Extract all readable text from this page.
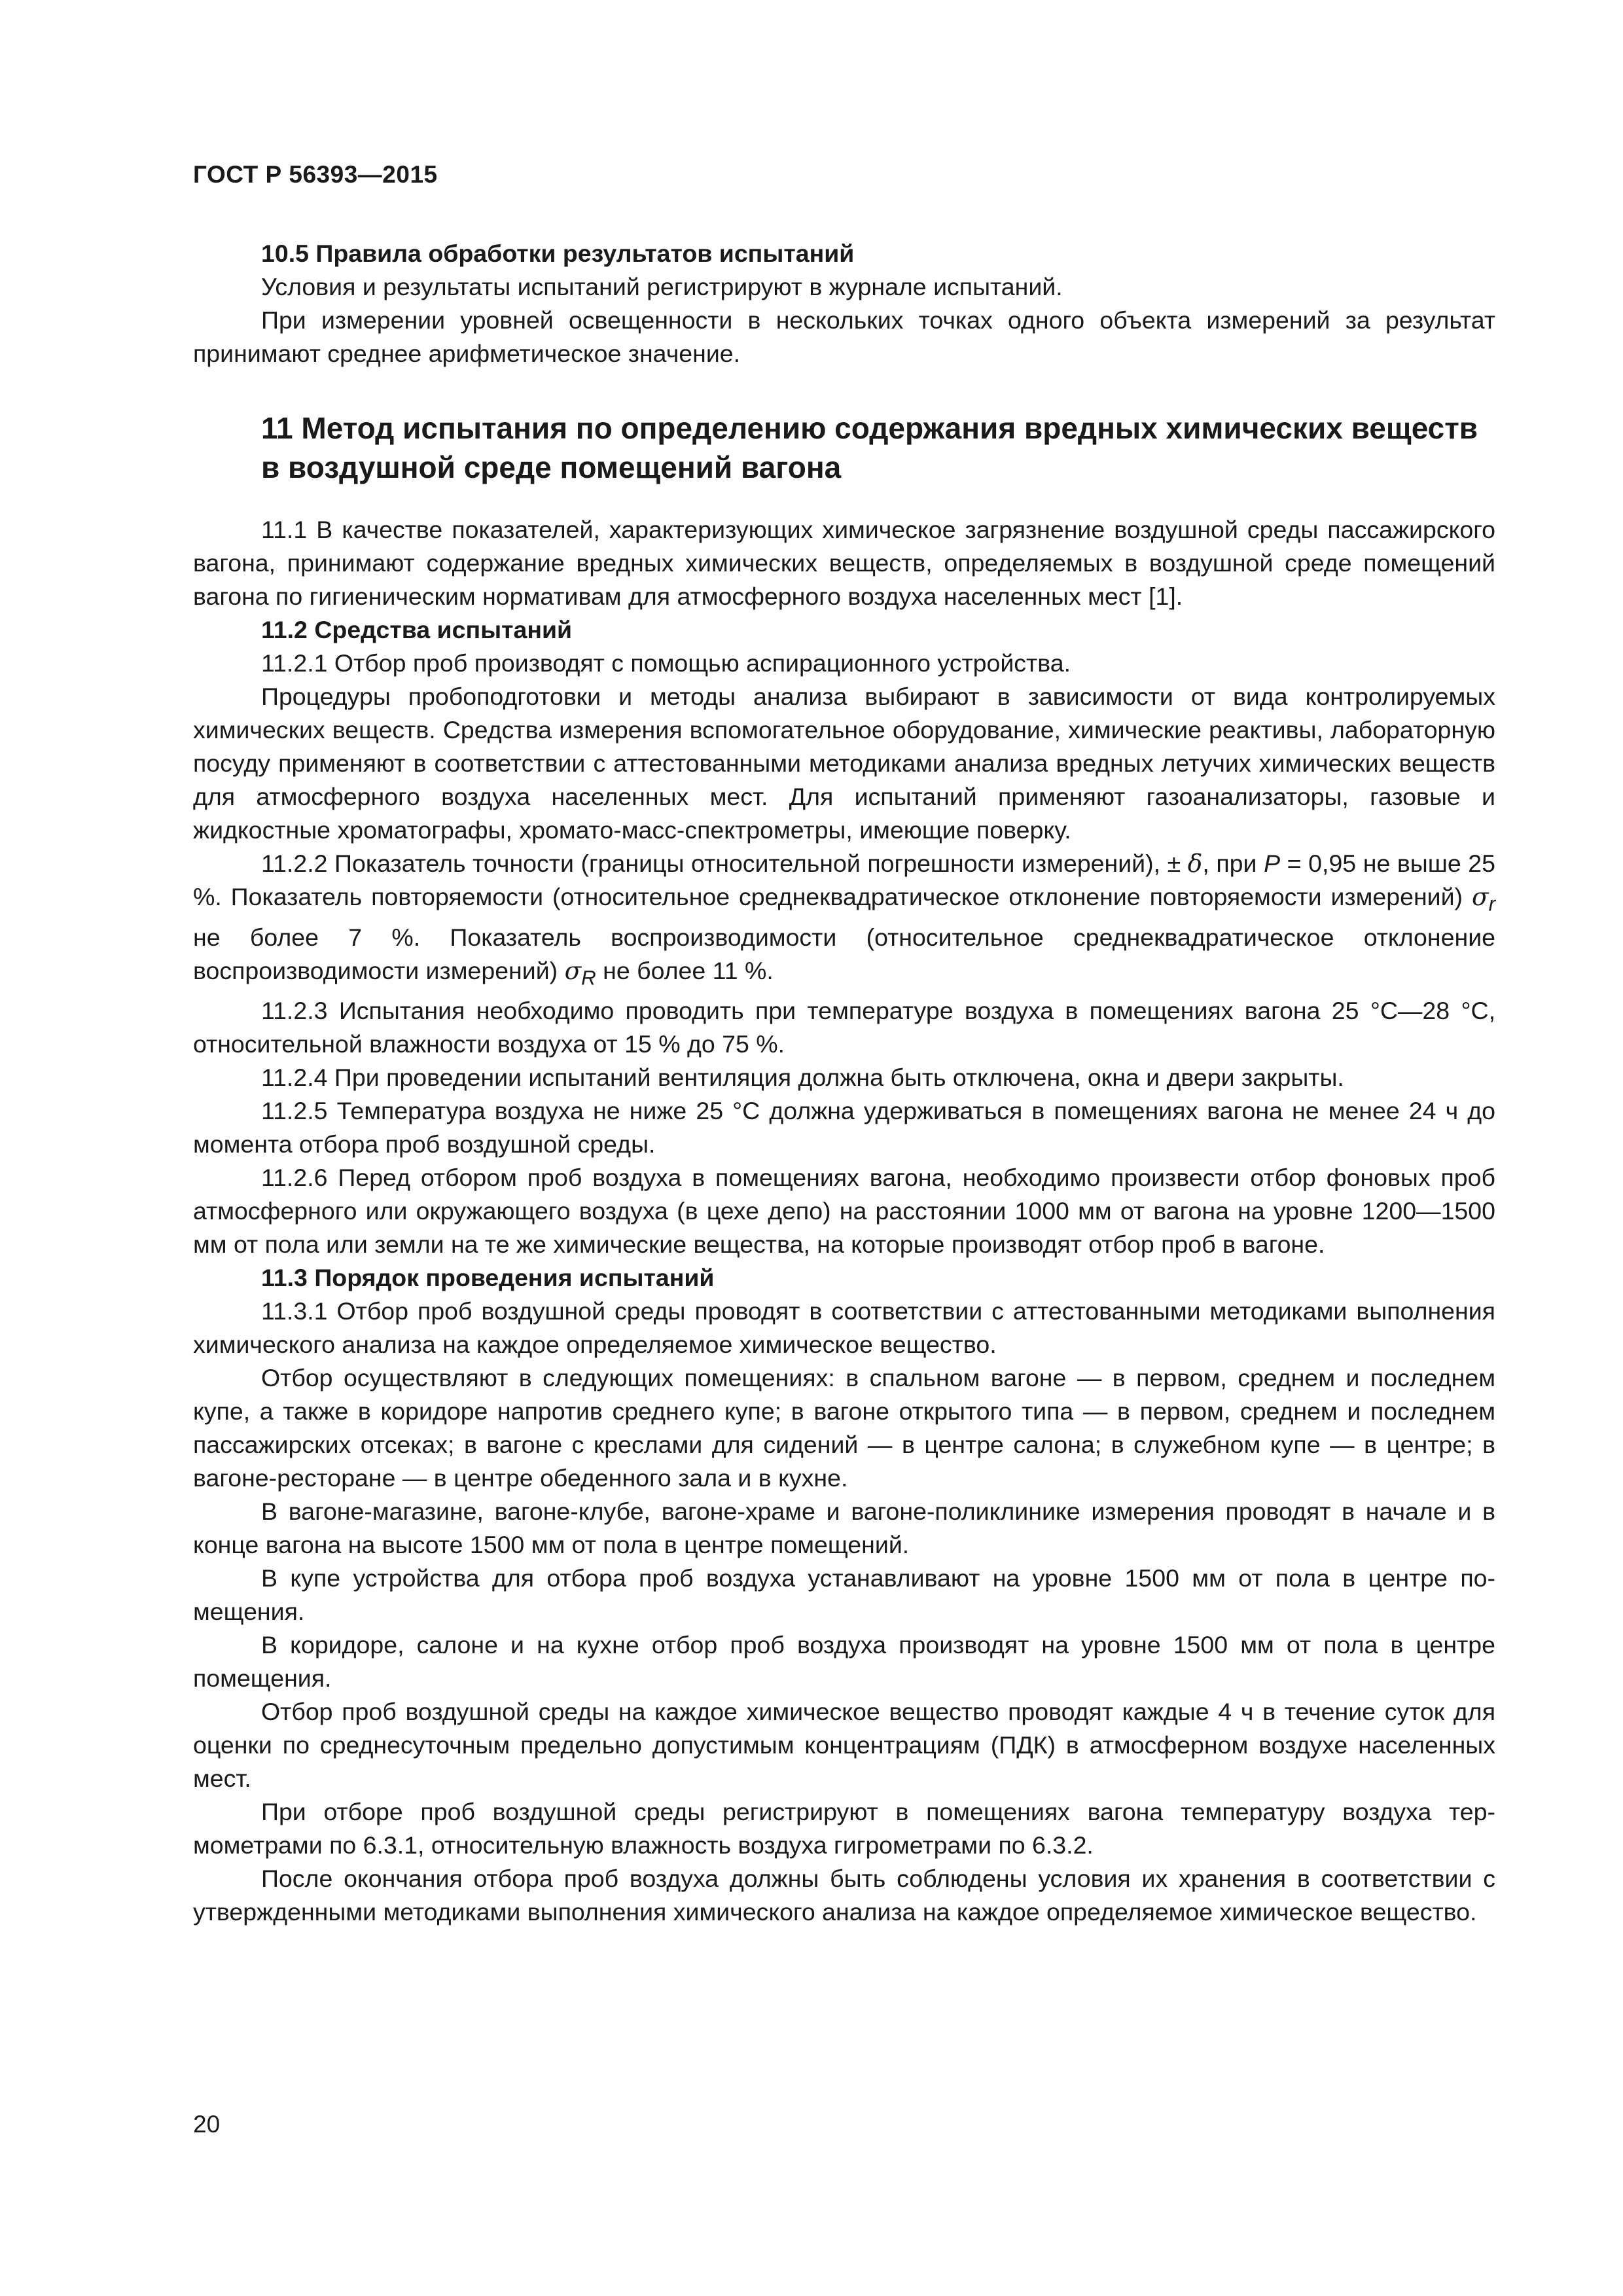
ГОСТ Р 56393—2015

10.5 Правила обработки результатов испытаний

Условия и результаты испытаний регистрируют в журнале испытаний.

При измерении уровней освещенности в нескольких точках одного объекта измерений за результат принимают среднее арифметическое значение.

11 Метод испытания по определению содержания вредных химических веществ в воздушной среде помещений вагона

11.1 В качестве показателей, характеризующих химическое загрязнение воздушной среды пассажирского вагона, принимают содержание вредных химических веществ, определяемых в воздушной среде помещений вагона по гигиеническим нормативам для атмосферного воздуха населенных мест [1].

11.2 Средства испытаний

11.2.1 Отбор проб производят с помощью аспирационного устройства.

Процедуры пробоподготовки и методы анализа выбирают в зависимости от вида контролируемых химических веществ. Средства измерения вспомогательное оборудование, химические реактивы, лабораторную посуду применяют в соответствии с аттестованными методиками анализа вредных летучих химических веществ для атмосферного воздуха населенных мест. Для испытаний применяют газоанализаторы, газовые и жидкостные хроматографы, хромато-масс-спектрометры, имеющие поверку.

11.2.2 Показатель точности (границы относительной погрешности измерений), ± δ, при P = 0,95 не выше 25 %. Показатель повторяемости (относительное среднеквадратическое отклонение повторяемости измерений) $\sigma_r$ не более 7 %. Показатель воспроизводимости (относительное среднеквадратическое отклонение воспроизводимости измерений) $\sigma_R$ не более 11 %.

11.2.3 Испытания необходимо проводить при температуре воздуха в помещениях вагона 25 °С—28 °С, относительной влажности воздуха от 15 % до 75 %.

11.2.4 При проведении испытаний вентиляция должна быть отключена, окна и двери закрыты.

11.2.5 Температура воздуха не ниже 25 °С должна удерживаться в помещениях вагона не менее 24 ч до момента отбора проб воздушной среды.

11.2.6 Перед отбором проб воздуха в помещениях вагона, необходимо произвести отбор фоновых проб атмосферного или окружающего воздуха (в цехе депо) на расстоянии 1000 мм от вагона на уровне 1200—1500 мм от пола или земли на те же химические вещества, на которые производят отбор проб в вагоне.

11.3 Порядок проведения испытаний

11.3.1 Отбор проб воздушной среды проводят в соответствии с аттестованными методиками выполнения химического анализа на каждое определяемое химическое вещество.

Отбор осуществляют в следующих помещениях: в спальном вагоне — в первом, среднем и последнем купе, а также в коридоре напротив среднего купе; в вагоне открытого типа — в первом, среднем и последнем пассажирских отсеках; в вагоне с креслами для сидений — в центре салона; в служебном купе — в центре; в вагоне-ресторане — в центре обеденного зала и в кухне.

В вагоне-магазине, вагоне-клубе, вагоне-храме и вагоне-поликлинике измерения проводят в начале и в конце вагона на высоте 1500 мм от пола в центре помещений.

В купе устройства для отбора проб воздуха устанавливают на уровне 1500 мм от пола в центре помещения.

В коридоре, салоне и на кухне отбор проб воздуха производят на уровне 1500 мм от пола в центре помещения.

Отбор проб воздушной среды на каждое химическое вещество проводят каждые 4 ч в течение суток для оценки по среднесуточным предельно допустимым концентрациям (ПДК) в атмосферном воздухе населенных мест.

При отборе проб воздушной среды регистрируют в помещениях вагона температуру воздуха термометрами по 6.3.1, относительную влажность воздуха гигрометрами по 6.3.2.

После окончания отбора проб воздуха должны быть соблюдены условия их хранения в соответствии с утвержденными методиками выполнения химического анализа на каждое определяемое химическое вещество.

20
